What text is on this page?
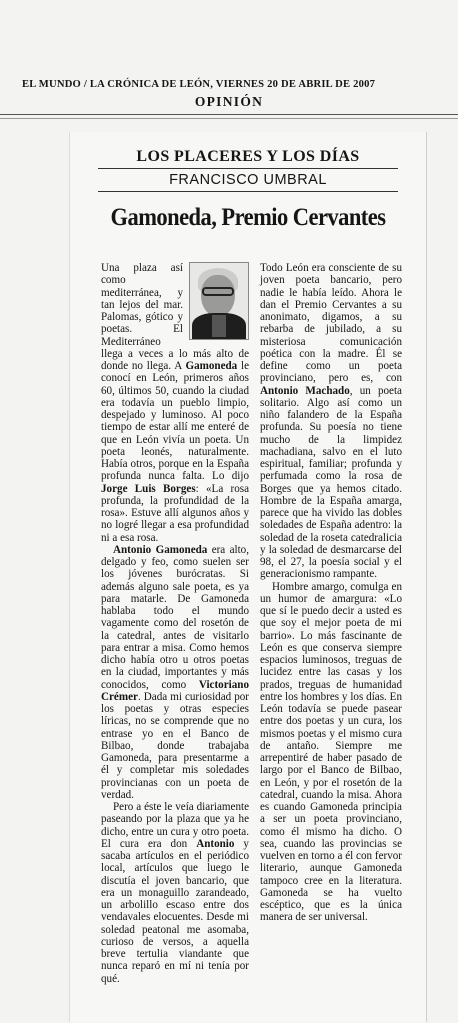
EL MUNDO / LA CRÓNICA DE LEÓN, VIERNES 20 DE ABRIL DE 2007
OPINIÓN
LOS PLACERES Y LOS DÍAS
FRANCISCO UMBRAL
Gamoneda, Premio Cervantes

Una plaza así como mediterránea, y tan lejos del mar. Palomas, gótico y poetas. El Mediterráneo llega a veces a lo más alto de donde no llega. A Gamoneda le conocí en León, primeros años 60, últimos 50, cuando la ciudad era todavía un pueblo limpio, despejado y luminoso. Al poco tiempo de estar allí me enteré de que en León vivía un poeta. Un poeta leonés, naturalmente. Había otros, porque en la España profunda nunca falta. Lo dijo Jorge Luis Borges: «La rosa profunda, la profundidad de la rosa». Estuve allí algunos años y no logré llegar a esa profundidad ni a esa rosa.

Antonio Gamoneda era alto, delgado y feo, como suelen ser los jóvenes burócratas. Si además alguno sale poeta, es ya para matarle. De Gamoneda hablaba todo el mundo vagamente como del rosetón de la catedral, antes de visitarlo para entrar a misa. Como hemos dicho había otro u otros poetas en la ciudad, importantes y más conocidos, como Victoriano Crémer. Dada mi curiosidad por los poetas y otras especies líricas, no se comprende que no entrase yo en el Banco de Bilbao, donde trabajaba Gamoneda, para presentarme a él y completar mis soledades provincianas con un poeta de verdad.

Pero a éste le veía diariamente paseando por la plaza que ya he dicho, entre un cura y otro poeta. El cura era don Antonio y sacaba artículos en el periódico local, artículos que luego le discutía el joven bancario, que era un monaguillo zarandeado, un arbolillo escaso entre dos vendavales elocuentes. Desde mi soledad peatonal me asomaba, curioso de versos, a aquella breve tertulia viandante que nunca reparó en mí ni tenía por qué.

Todo León era consciente de su joven poeta bancario, pero nadie le había leído. Ahora le dan el Premio Cervantes a su anonimato, digamos, a su rebarba de jubilado, a su misteriosa comunicación poética con la madre. Él se define como un poeta provinciano, pero es, con Antonio Machado, un poeta solitario. Algo así como un niño falandero de la España profunda. Su poesía no tiene mucho de la limpidez machadiana, salvo en el luto espiritual, familiar; profunda y perfumada como la rosa de Borges que ya hemos citado. Hombre de la España amarga, parece que ha vivido las dobles soledades de España adentro: la soledad de la roseta catedralicia y la soledad de desmarcarse del 98, el 27, la poesía social y el generacionismo rampante.

Hombre amargo, comulga en un humor de amargura: «Lo que sí le puedo decir a usted es que soy el mejor poeta de mi barrio». Lo más fascinante de León es que conserva siempre espacios luminosos, treguas de lucidez entre las casas y los prados, treguas de humanidad entre los hombres y los días. En León todavía se puede pasear entre dos poetas y un cura, los mismos poetas y el mismo cura de antaño. Siempre me arrepentiré de haber pasado de largo por el Banco de Bilbao, en León, y por el rosetón de la catedral, cuando la misa. Ahora es cuando Gamoneda principia a ser un poeta provinciano, como él mismo ha dicho. O sea, cuando las provincias se vuelven en torno a él con fervor literario, aunque Gamoneda tampoco cree en la literatura. Gamoneda se ha vuelto escéptico, que es la única manera de ser universal.
